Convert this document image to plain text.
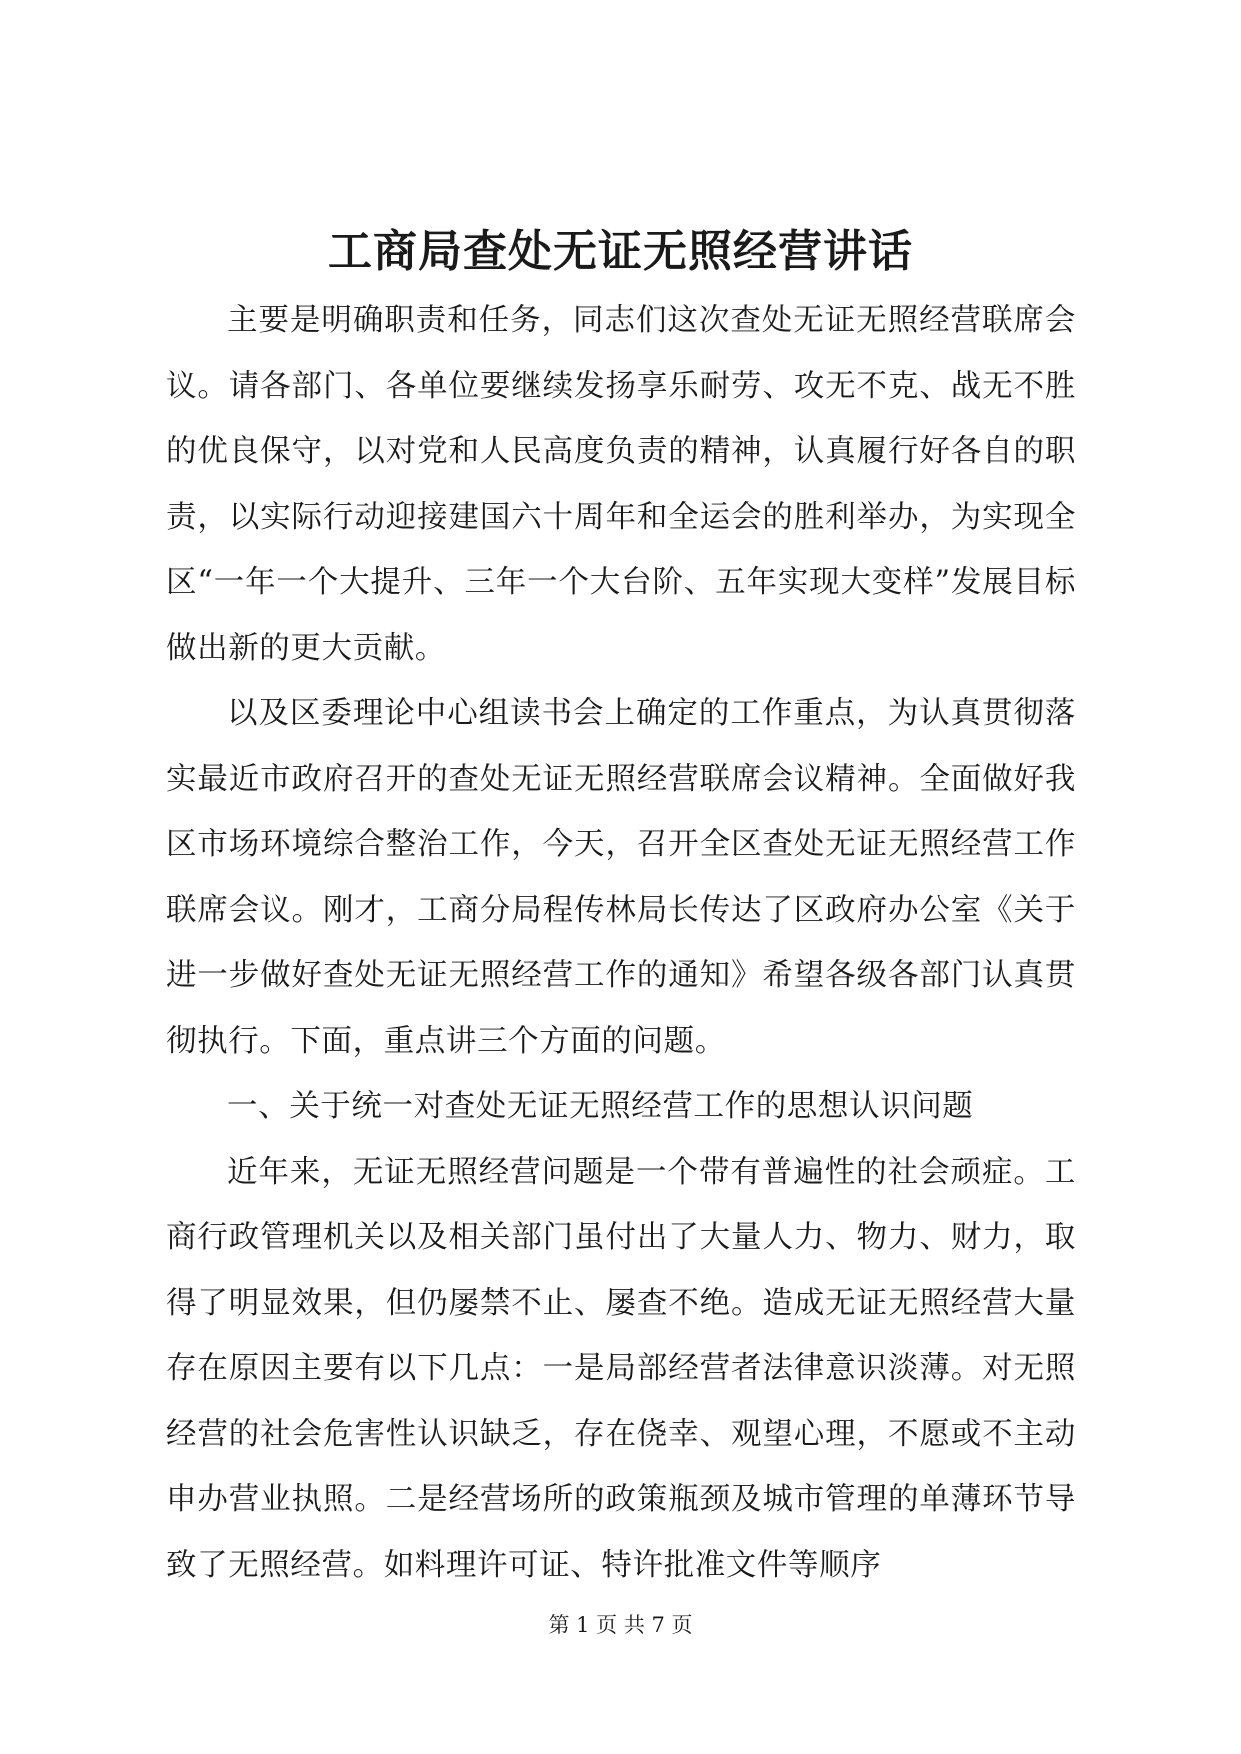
工商局查处无证无照经营讲话

主要是明确职责和任务，同志们这次查处无证无照经营联席会议。请各部门、各单位要继续发扬享乐耐劳、攻无不克、战无不胜的优良保守，以对党和人民高度负责的精神，认真履行好各自的职责，以实际行动迎接建国六十周年和全运会的胜利举办，为实现全区“一年一个大提升、三年一个大台阶、五年实现大变样”发展目标做出新的更大贡献。

以及区委理论中心组读书会上确定的工作重点，为认真贯彻落实最近市政府召开的查处无证无照经营联席会议精神。全面做好我区市场环境综合整治工作，今天，召开全区查处无证无照经营工作联席会议。刚才，工商分局程传林局长传达了区政府办公室《关于进一步做好查处无证无照经营工作的通知》希望各级各部门认真贯彻执行。下面，重点讲三个方面的问题。

一、关于统一对查处无证无照经营工作的思想认识问题

近年来，无证无照经营问题是一个带有普遍性的社会顽症。工商行政管理机关以及相关部门虽付出了大量人力、物力、财力，取得了明显效果，但仍屡禁不止、屡查不绝。造成无证无照经营大量存在原因主要有以下几点：一是局部经营者法律意识淡薄。对无照经营的社会危害性认识缺乏，存在侥幸、观望心理，不愿或不主动申办营业执照。二是经营场所的政策瓶颈及城市管理的单薄环节导致了无照经营。如料理许可证、特许批准文件等顺序

第 1 页 共 7 页
